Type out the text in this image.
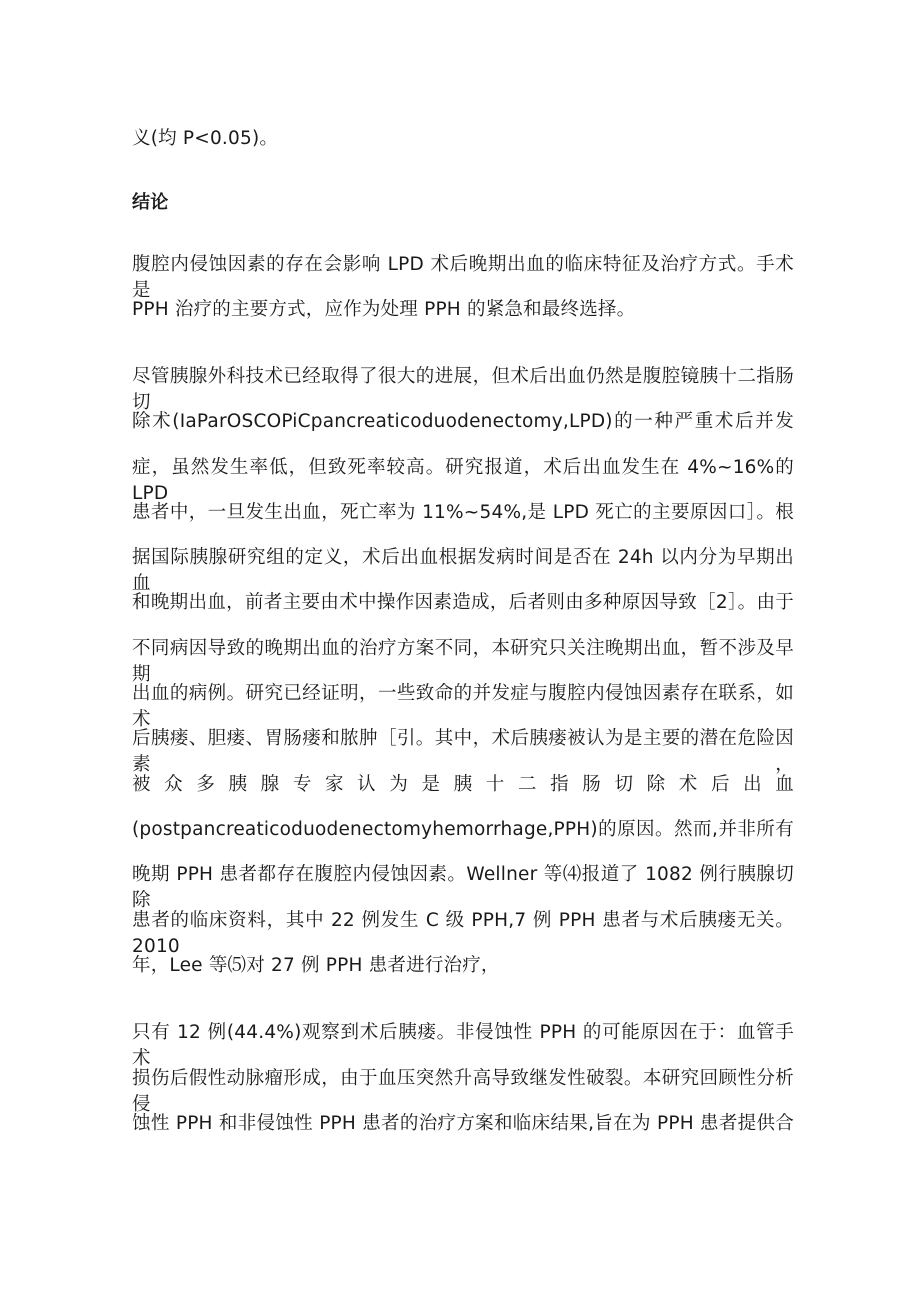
义(均 P<0.05)。
结论
腹腔内侵蚀因素的存在会影响 LPD 术后晚期出血的临床特征及治疗方式。手术是
PPH 治疗的主要方式，应作为处理 PPH 的紧急和最终选择。
尽管胰腺外科技术已经取得了很大的进展，但术后出血仍然是腹腔镜胰十二指肠切
除术(IaParOSCOPiCpancreaticoduodenectomy,LPD)的一种严重术后并发
症，虽然发生率低，但致死率较高。研究报道，术后出血发生在 4%~16%的 LPD
患者中，一旦发生出血，死亡率为 11%~54%,是 LPD 死亡的主要原因口］。根
据国际胰腺研究组的定义，术后出血根据发病时间是否在 24h 以内分为早期出血
和晚期出血，前者主要由术中操作因素造成，后者则由多种原因导致［2］。由于
不同病因导致的晚期出血的治疗方案不同，本研究只关注晚期出血，暂不涉及早期
出血的病例。研究已经证明，一些致命的并发症与腹腔内侵蚀因素存在联系，如术
后胰瘘、胆瘘、胃肠瘘和脓肿［引。其中，术后胰瘘被认为是主要的潜在危险因素，
被 众 多 胰 腺 专 家 认 为 是 胰 十 二 指 肠 切 除 术 后 出 血
(postpancreaticoduodenectomyhemorrhage,PPH)的原因。然而,并非所有
晚期 PPH 患者都存在腹腔内侵蚀因素。Wellner 等⑷报道了 1082 例行胰腺切除
患者的临床资料，其中 22 例发生 C 级 PPH,7 例 PPH 患者与术后胰瘘无关。2010
年，Lee 等⑸对 27 例 PPH 患者进行治疗，
只有 12 例(44.4%)观察到术后胰瘘。非侵蚀性 PPH 的可能原因在于：血管手术
损伤后假性动脉瘤形成，由于血压突然升高导致继发性破裂。本研究回顾性分析侵
蚀性 PPH 和非侵蚀性 PPH 患者的治疗方案和临床结果,旨在为 PPH 患者提供合
